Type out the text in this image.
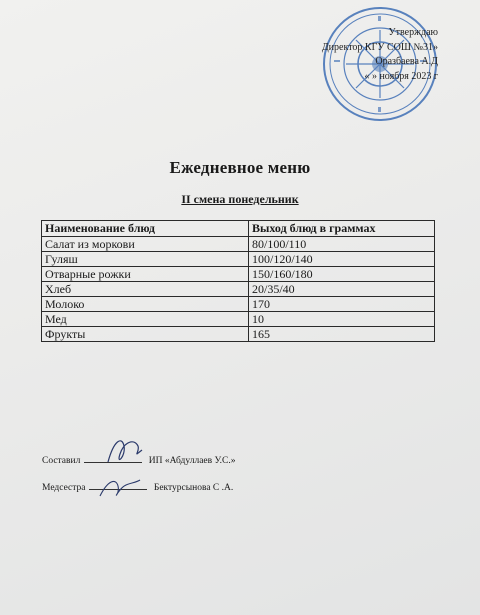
Утверждаю
Директор КГУ СОШ №31»
Оразбаева А.Д
« » ноября 2023 г
Ежедневное меню
II смена понедельник
Наименование блюд	Выход блюд в граммах
Салат из моркови	80/100/110
Гуляш	100/120/140
Отварные рожки	150/160/180
Хлеб	20/35/40
Молоко	170
Мед	10
Фрукты	165
Составил	ИП «Абдуллаев У.С.»
Медсестра	Бектурсынова С .А.
